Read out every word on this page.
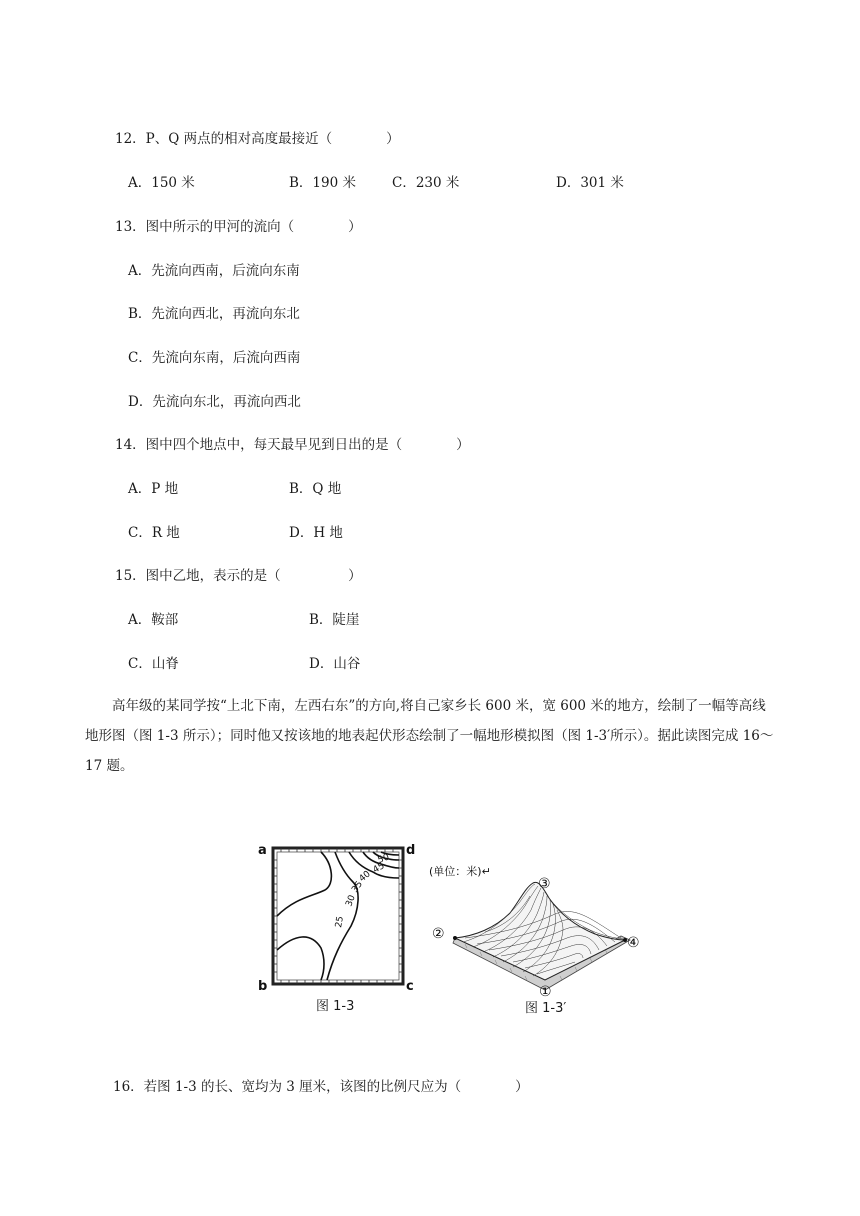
12．P、Q 两点的相对高度最接近（　　　　）
A．150 米	B．190 米	C．230 米	D．301 米
13．图中所示的甲河的流向（　　　　）
A．先流向西南，后流向东南
B．先流向西北，再流向东北
C．先流向东南，后流向西南
D．先流向东北，再流向西北
14．图中四个地点中，每天最早见到日出的是（　　　　）
A．P 地	B．Q 地
C．R 地	D．H 地
15．图中乙地，表示的是（　　　　　）
A．鞍部	B．陡崖
C．山脊	D．山谷
高年级的某同学按“上北下南，左西右东”的方向,将自己家乡长 600 米，宽 600 米的地方，绘制了一幅等高线地形图（图 1-3 所示）；同时他又按该地的地表起伏形态绘制了一幅地形模拟图（图 1-3′所示）。据此读图完成 16～17 题。
50
45
40
35
30
25
a
b	c
d
图 1-3
(单位：米)↵
③
②
④
①
图 1-3′
16．若图 1-3 的长、宽均为 3 厘米，该图的比例尺应为（　　　　）
